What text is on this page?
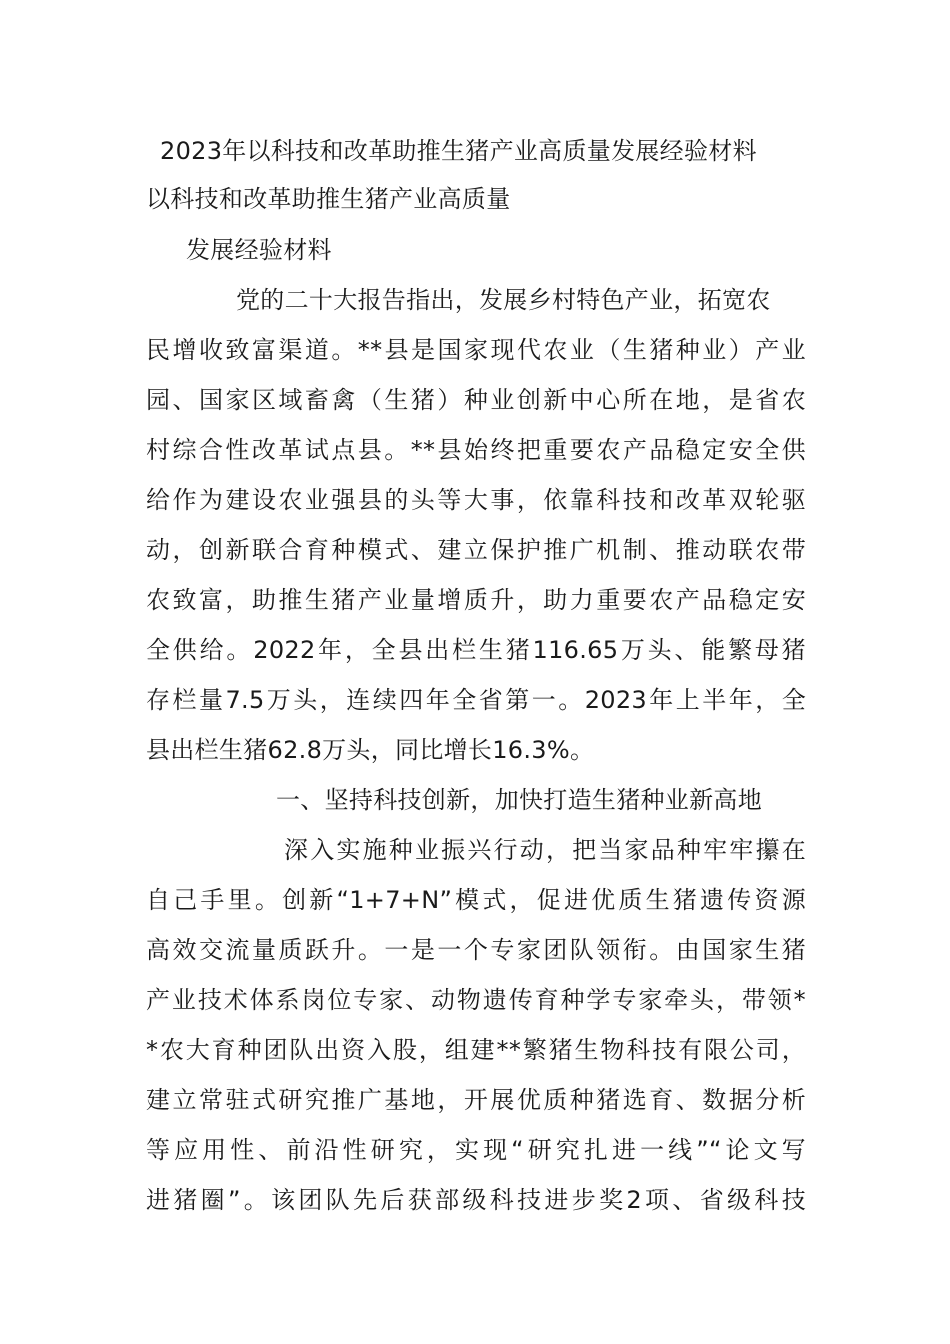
2023年以科技和改革助推生猪产业高质量发展经验材料
以科技和改革助推生猪产业高质量
发展经验材料
党的二十大报告指出，发展乡村特色产业，拓宽农
民增收致富渠道。**县是国家现代农业（生猪种业）产业
园、国家区域畜禽（生猪）种业创新中心所在地，是省农
村综合性改革试点县。**县始终把重要农产品稳定安全供
给作为建设农业强县的头等大事，依靠科技和改革双轮驱
动，创新联合育种模式、建立保护推广机制、推动联农带
农致富，助推生猪产业量增质升，助力重要农产品稳定安
全供给。2022年，全县出栏生猪116.65万头、能繁母猪
存栏量7.5万头，连续四年全省第一。2023年上半年，全
县出栏生猪62.8万头，同比增长16.3%。
一、坚持科技创新，加快打造生猪种业新高地
深入实施种业振兴行动，把当家品种牢牢攥在
自己手里。创新“1+7+N”模式，促进优质生猪遗传资源
高效交流量质跃升。一是一个专家团队领衔。由国家生猪
产业技术体系岗位专家、动物遗传育种学专家牵头，带领*
*农大育种团队出资入股，组建**繁猪生物科技有限公司，
建立常驻式研究推广基地，开展优质种猪选育、数据分析
等应用性、前沿性研究，实现“研究扎进一线”“论文写
进猪圈”。该团队先后获部级科技进步奖2项、省级科技
